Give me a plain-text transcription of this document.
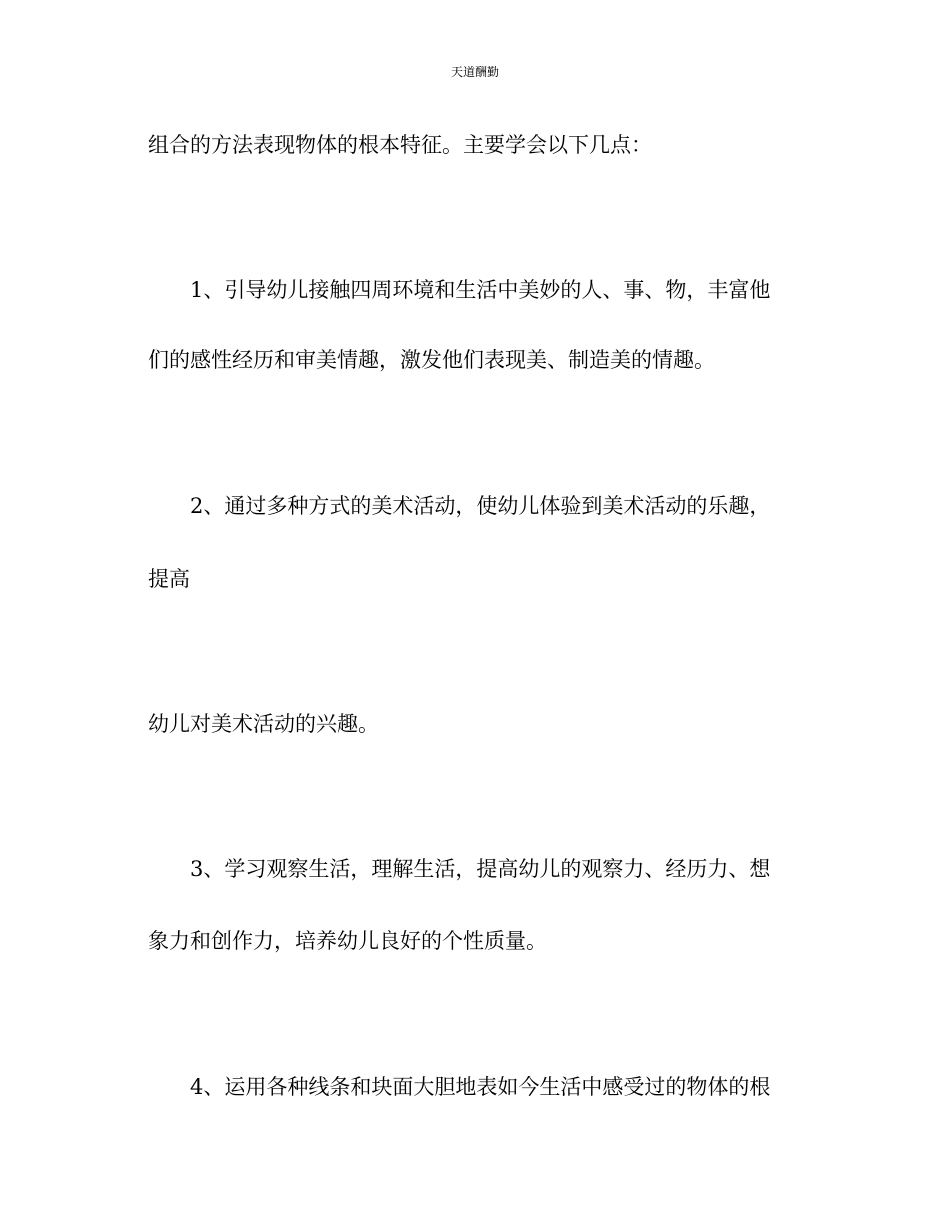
天道酬勤
组合的方法表现物体的根本特征。主要学会以下几点：
　　1、引导幼儿接触四周环境和生活中美妙的人、事、物，丰富他
们的感性经历和审美情趣，激发他们表现美、制造美的情趣。
　　2、通过多种方式的美术活动，使幼儿体验到美术活动的乐趣，
提高
幼儿对美术活动的兴趣。
　　3、学习观察生活，理解生活，提高幼儿的观察力、经历力、想
象力和创作力，培养幼儿良好的个性质量。
　　4、运用各种线条和块面大胆地表如今生活中感受过的物体的根
